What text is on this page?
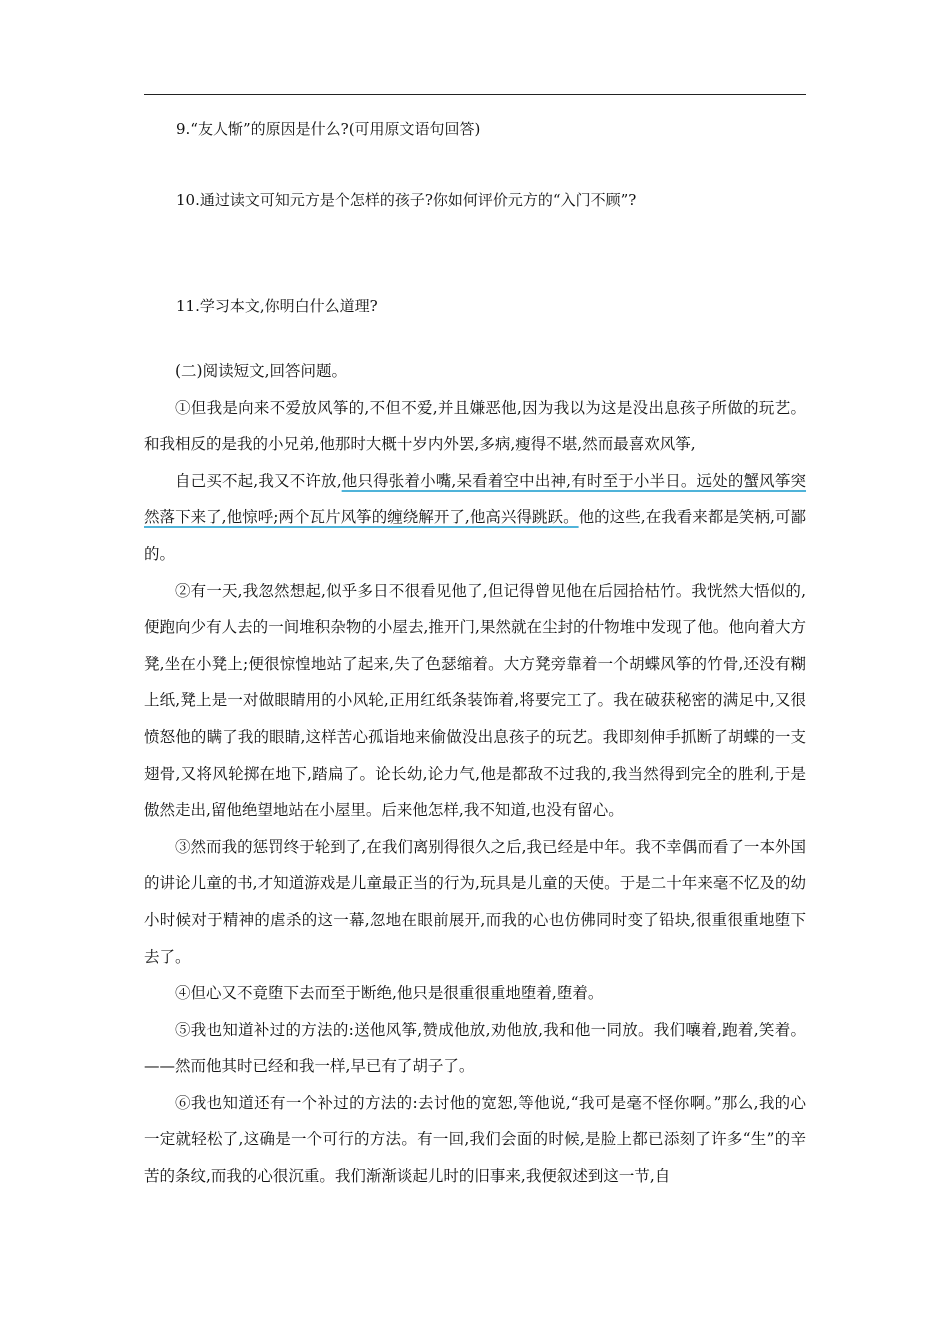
9.“友人惭”的原因是什么?(可用原文语句回答)
10.通过读文可知元方是个怎样的孩子?你如何评价元方的“入门不顾”?
11.学习本文,你明白什么道理?

(二)阅读短文,回答问题。

①但我是向来不爱放风筝的,不但不爱,并且嫌恶他,因为我以为这是没出息孩子所做的玩艺。和我相反的是我的小兄弟,他那时大概十岁内外罢,多病,瘦得不堪,然而最喜欢风筝,

自己买不起,我又不许放,他只得张着小嘴,呆看着空中出神,有时至于小半日。远处的蟹风筝突然落下来了,他惊呼;两个瓦片风筝的缠绕解开了,他高兴得跳跃。他的这些,在我看来都是笑柄,可鄙的。

②有一天,我忽然想起,似乎多日不很看见他了,但记得曾见他在后园拾枯竹。我恍然大悟似的,便跑向少有人去的一间堆积杂物的小屋去,推开门,果然就在尘封的什物堆中发现了他。他向着大方凳,坐在小凳上;便很惊惶地站了起来,失了色瑟缩着。大方凳旁靠着一个胡蝶风筝的竹骨,还没有糊上纸,凳上是一对做眼睛用的小风轮,正用红纸条装饰着,将要完工了。我在破获秘密的满足中,又很愤怒他的瞒了我的眼睛,这样苦心孤诣地来偷做没出息孩子的玩艺。我即刻伸手抓断了胡蝶的一支翅骨,又将风轮掷在地下,踏扁了。论长幼,论力气,他是都敌不过我的,我当然得到完全的胜利,于是傲然走出,留他绝望地站在小屋里。后来他怎样,我不知道,也没有留心。

③然而我的惩罚终于轮到了,在我们离别得很久之后,我已经是中年。我不幸偶而看了一本外国的讲论儿童的书,才知道游戏是儿童最正当的行为,玩具是儿童的天使。于是二十年来毫不忆及的幼小时候对于精神的虐杀的这一幕,忽地在眼前展开,而我的心也仿佛同时变了铅块,很重很重地堕下去了。

④但心又不竟堕下去而至于断绝,他只是很重很重地堕着,堕着。

⑤我也知道补过的方法的:送他风筝,赞成他放,劝他放,我和他一同放。我们嚷着,跑着,笑着。——然而他其时已经和我一样,早已有了胡子了。

⑥我也知道还有一个补过的方法的:去讨他的宽恕,等他说,“我可是毫不怪你啊。”那么,我的心一定就轻松了,这确是一个可行的方法。有一回,我们会面的时候,是脸上都已添刻了许多“生”的辛苦的条纹,而我的心很沉重。我们渐渐谈起儿时的旧事来,我便叙述到这一节,自
